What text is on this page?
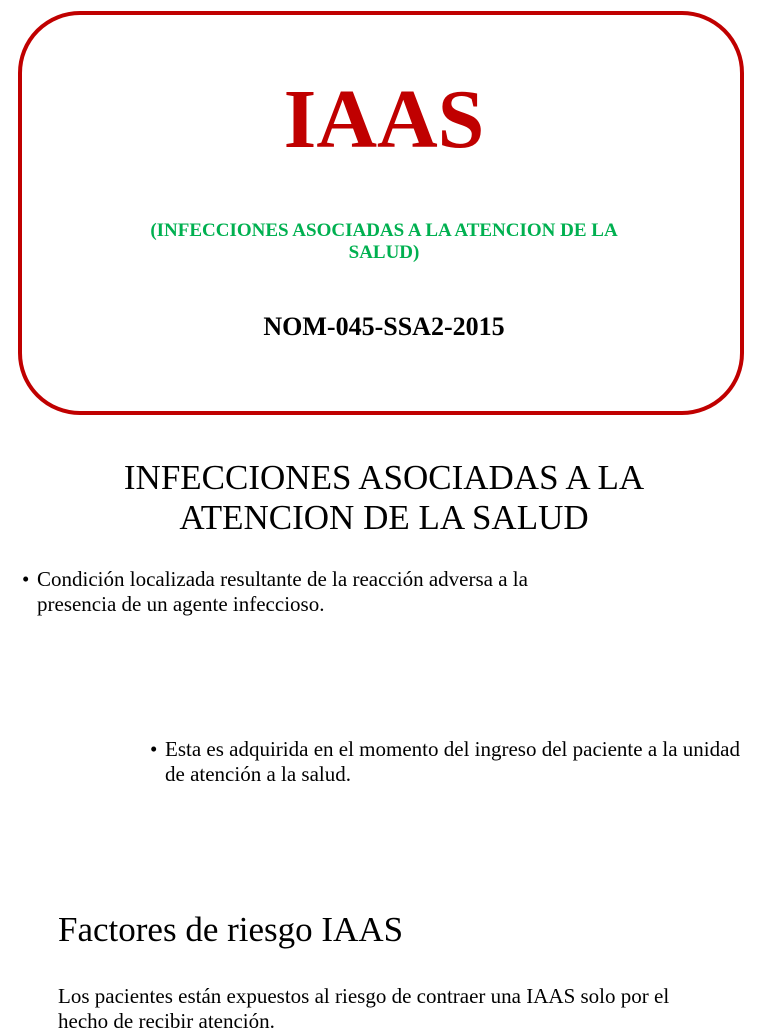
IAAS

(INFECCIONES ASOCIADAS A LA ATENCION DE LA SALUD)

NOM-045-SSA2-2015

INFECCIONES ASOCIADAS A LA ATENCION DE LA SALUD

• Condición localizada resultante de la reacción adversa a la presencia de un agente infeccioso.

• Esta es adquirida en el momento del ingreso del paciente a la unidad de atención a la salud.

Factores de riesgo IAAS

Los pacientes están expuestos al riesgo de contraer una IAAS solo por el hecho de recibir atención.
